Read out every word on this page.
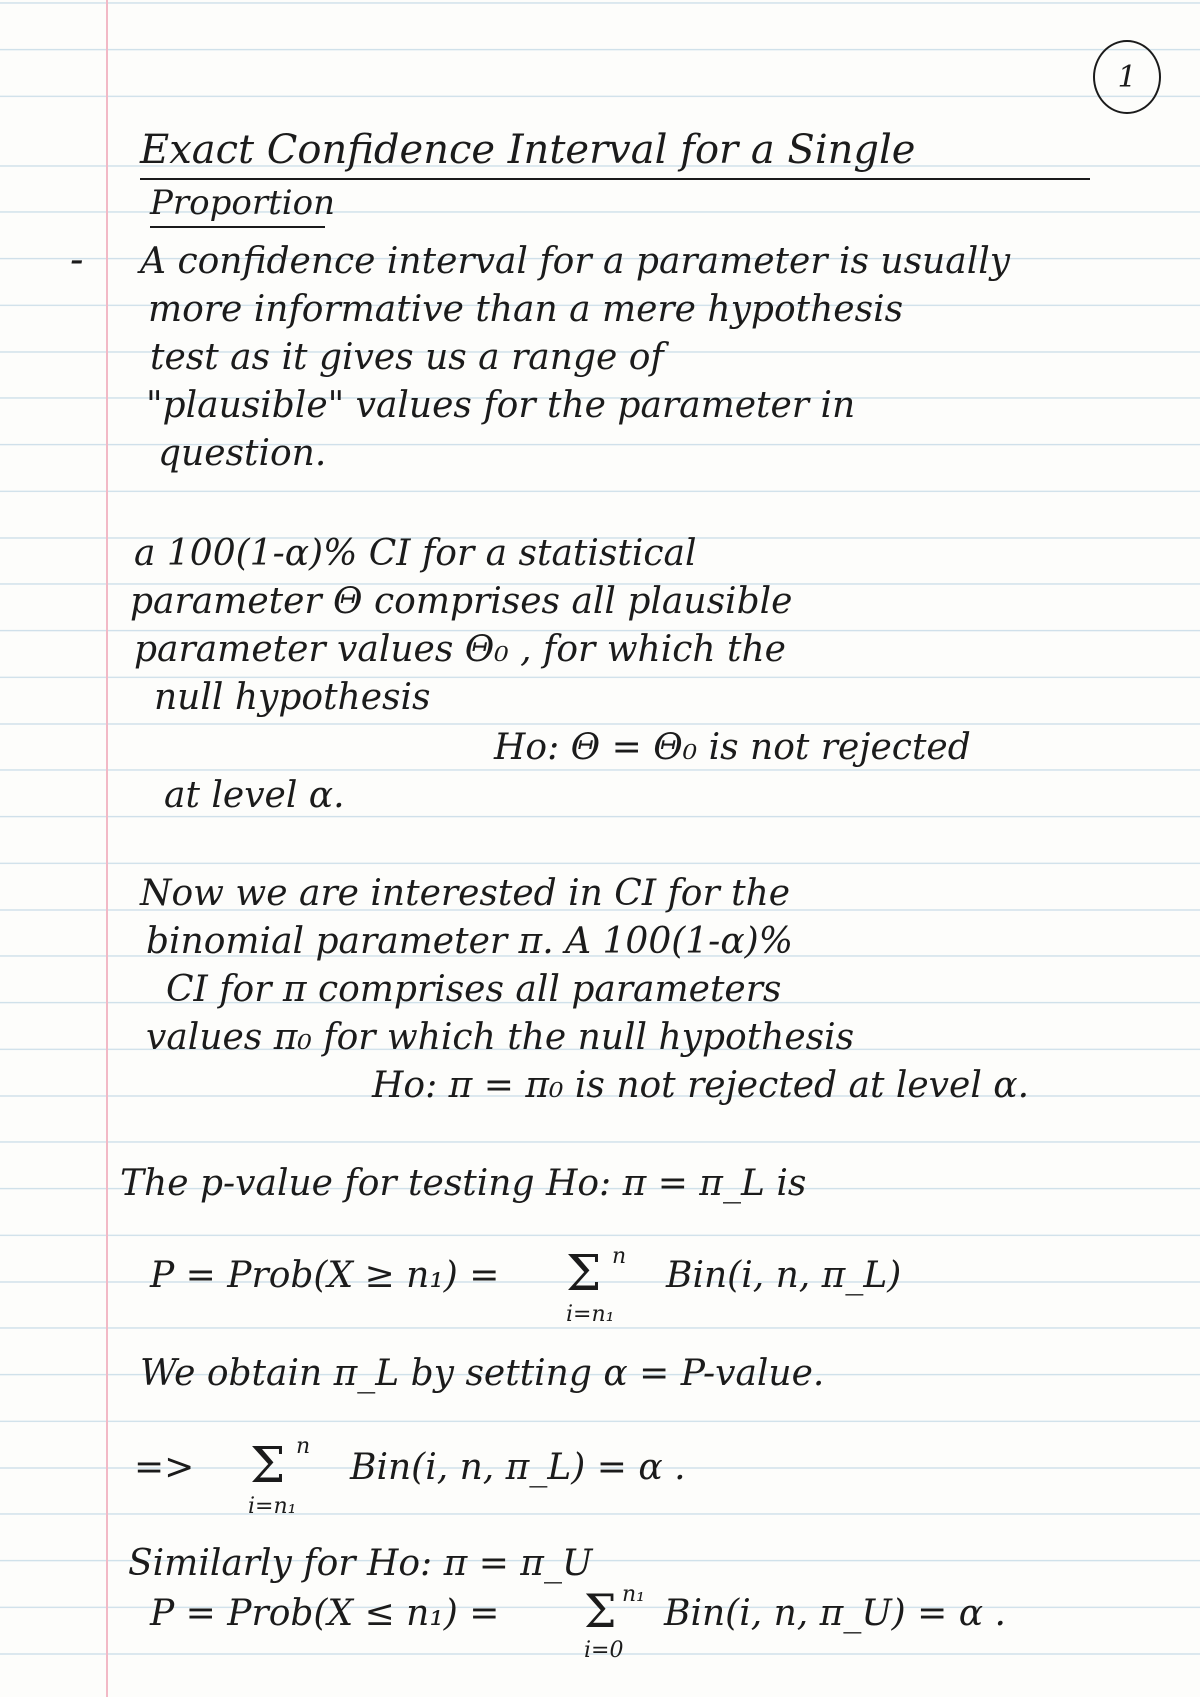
1
Exact Confidence Interval for a Single
Proportion
- A confidence interval for a parameter is usually
more informative than a mere hypothesis
test as it gives us a range of
"plausible" values for the parameter in
question.
a 100(1-α)% CI for a statistical
parameter Θ comprises all plausible
parameter values Θ₀ , for which the
null hypothesis
Ho: Θ = Θ₀ is not rejected
at level α.
Now we are interested in CI for the
binomial parameter π. A 100(1-α)%
CI for π comprises all parameters
values π₀ for which the null hypothesis
Ho: π = π₀ is not rejected at level α.
The p-value for testing Ho: π = π_L is
P = Prob(X ≥ n₁) = Σ n
i=n₁
Bin(i, n, π_L)
We obtain π_L by setting α = P-value.
=> Σ n
i=n₁
Bin(i, n, π_L) = α .
Similarly for Ho: π = π_U
P = Prob(X ≤ n₁) = Σ n₁
i=0
Bin(i, n, π_U) = α .
